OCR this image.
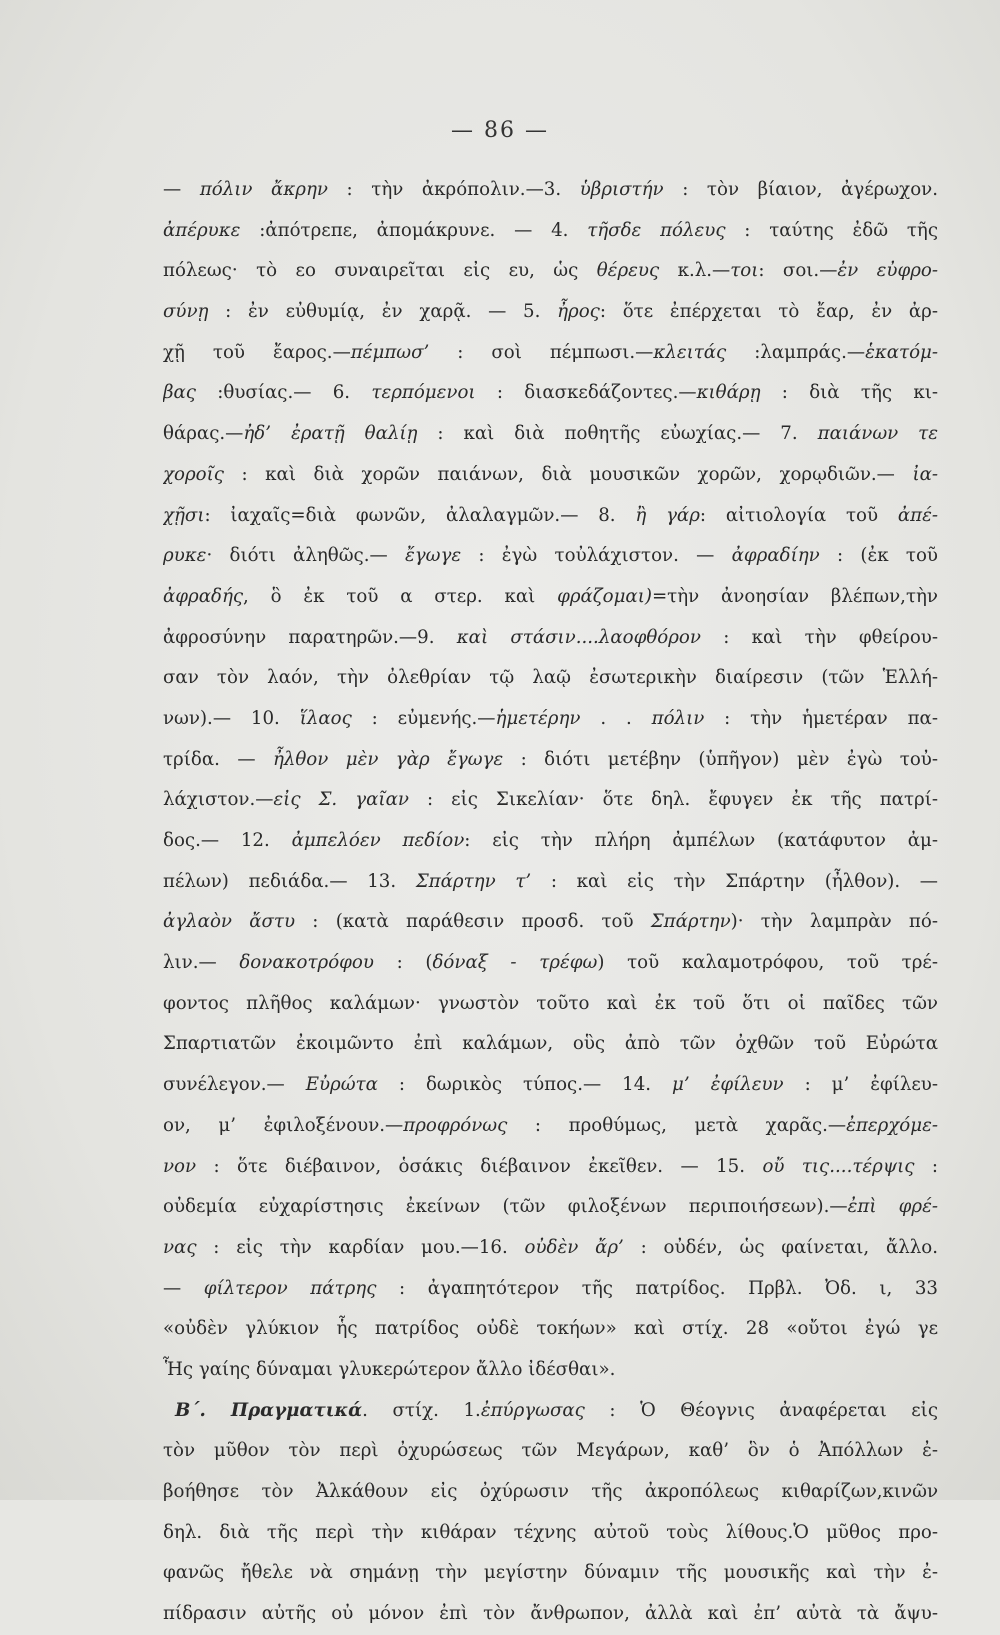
— 86 —
— πόλιν ἄκρην : τὴν ἀκρόπολιν.—3. ὑβριστήν : τὸν βίαιον, ἀγέρωχον.
ἀπέρυκε :ἀπότρεπε, ἀπομάκρυνε. — 4. τῆσδε πόλευς : ταύτης ἐδῶ τῆς
πόλεως· τὸ εο συναιρεῖται εἰς ευ, ὡς θέρευς κ.λ.—τοι: σοι.—ἐν εὐφρο-
σύνῃ : ἐν εὐθυμίᾳ, ἐν χαρᾷ. — 5. ἦρος: ὅτε ἐπέρχεται τὸ ἔαρ, ἐν ἀρ-
χῇ τοῦ ἔαρος.—πέμπωσ’ : σοὶ πέμπωσι.—κλειτάς :λαμπράς.—ἑκατόμ-
βας :θυσίας.— 6. τερπόμενοι : διασκεδάζοντες.—κιθάρῃ : διὰ τῆς κι-
θάρας.—ἠδ’ ἐρατῇ θαλίῃ : καὶ διὰ ποθητῆς εὐωχίας.— 7. παιάνων τε
χοροῖς : καὶ διὰ χορῶν παιάνων, διὰ μουσικῶν χορῶν, χορῳδιῶν.— ἰα-
χῇσι: ἰαχαῖς=διὰ φωνῶν, ἀλαλαγμῶν.— 8. ἢ γάρ: αἰτιολογία τοῦ ἀπέ-
ρυκε· διότι ἀληθῶς.— ἔγωγε : ἐγὼ τοὐλάχιστον. — ἀφραδίην : (ἐκ τοῦ
ἀφραδής, ὃ ἐκ τοῦ α στερ. καὶ φράζομαι)=τὴν ἀνοησίαν βλέπων,τὴν
ἀφροσύνην παρατηρῶν.—9. καὶ στάσιν....λαοφθόρον : καὶ τὴν φθείρου-
σαν τὸν λαόν, τὴν ὀλεθρίαν τῷ λαῷ ἐσωτερικὴν διαίρεσιν (τῶν Ἑλλή-
νων).— 10. ἵλαος : εὐμενής.—ἡμετέρην . . πόλιν : τὴν ἡμετέραν πα-
τρίδα. — ἦλθον μὲν γὰρ ἔγωγε : διότι μετέβην (ὑπῆγον) μὲν ἐγὼ τοὐ-
λάχιστον.—εἰς Σ. γαῖαν : εἰς Σικελίαν· ὅτε δηλ. ἔφυγεν ἐκ τῆς πατρί-
δος.— 12. ἀμπελόεν πεδίον: εἰς τὴν πλήρη ἀμπέλων (κατάφυτον ἀμ-
πέλων) πεδιάδα.— 13. Σπάρτην τ’ : καὶ εἰς τὴν Σπάρτην (ἦλθον). —
ἀγλαὸν ἄστυ : (κατὰ παράθεσιν προσδ. τοῦ Σπάρτην)· τὴν λαμπρὰν πό-
λιν.— δονακοτρόφου : (δόναξ - τρέφω) τοῦ καλαμοτρόφου, τοῦ τρέ-
φοντος πλῆθος καλάμων· γνωστὸν τοῦτο καὶ ἐκ τοῦ ὅτι οἱ παῖδες τῶν
Σπαρτιατῶν ἐκοιμῶντο ἐπὶ καλάμων, οὓς ἀπὸ τῶν ὀχθῶν τοῦ Εὐρώτα
συνέλεγον.— Εὐρώτα : δωρικὸς τύπος.— 14. μ’ ἐφίλευν : μ’ ἐφίλευ-
ον, μ’ ἐφιλοξένουν.—προφρόνως : προθύμως, μετὰ χαρᾶς.—ἐπερχόμε-
νον : ὅτε διέβαινον, ὁσάκις διέβαινον ἐκεῖθεν. — 15. οὔ τις....τέρψις :
οὐδεμία εὐχαρίστησις ἐκείνων (τῶν φιλοξένων περιποιήσεων).—ἐπὶ φρέ-
νας : εἰς τὴν καρδίαν μου.—16. οὐδὲν ἄρ’ : οὐδέν, ὡς φαίνεται, ἄλλο.
— φίλτερον πάτρης : ἀγαπητότερον τῆς πατρίδος. Πρβλ. Ὀδ. ι, 33
«οὐδὲν γλύκιον ἧς πατρίδος οὐδὲ τοκήων» καὶ στίχ. 28 «οὔτοι ἐγώ γε
Ἧς γαίης δύναμαι γλυκερώτερον ἄλλο ἰδέσθαι».
Β΄. Πραγματικά. στίχ. 1.ἐπύργωσας : Ὁ Θέογνις ἀναφέρεται εἰς
τὸν μῦθον τὸν περὶ ὀχυρώσεως τῶν Μεγάρων, καθ’ ὃν ὁ Ἀπόλλων ἐ-
βοήθησε τὸν Ἀλκάθουν εἰς ὀχύρωσιν τῆς ἀκροπόλεως κιθαρίζων,κινῶν
δηλ. διὰ τῆς περὶ τὴν κιθάραν τέχνης αὐτοῦ τοὺς λίθους.Ὁ μῦθος προ-
φανῶς ἤθελε νὰ σημάνῃ τὴν μεγίστην δύναμιν τῆς μουσικῆς καὶ τὴν ἐ-
πίδρασιν αὐτῆς οὐ μόνον ἐπὶ τὸν ἄνθρωπον, ἀλλὰ καὶ ἐπ’ αὐτὰ τὰ ἄψυ-
